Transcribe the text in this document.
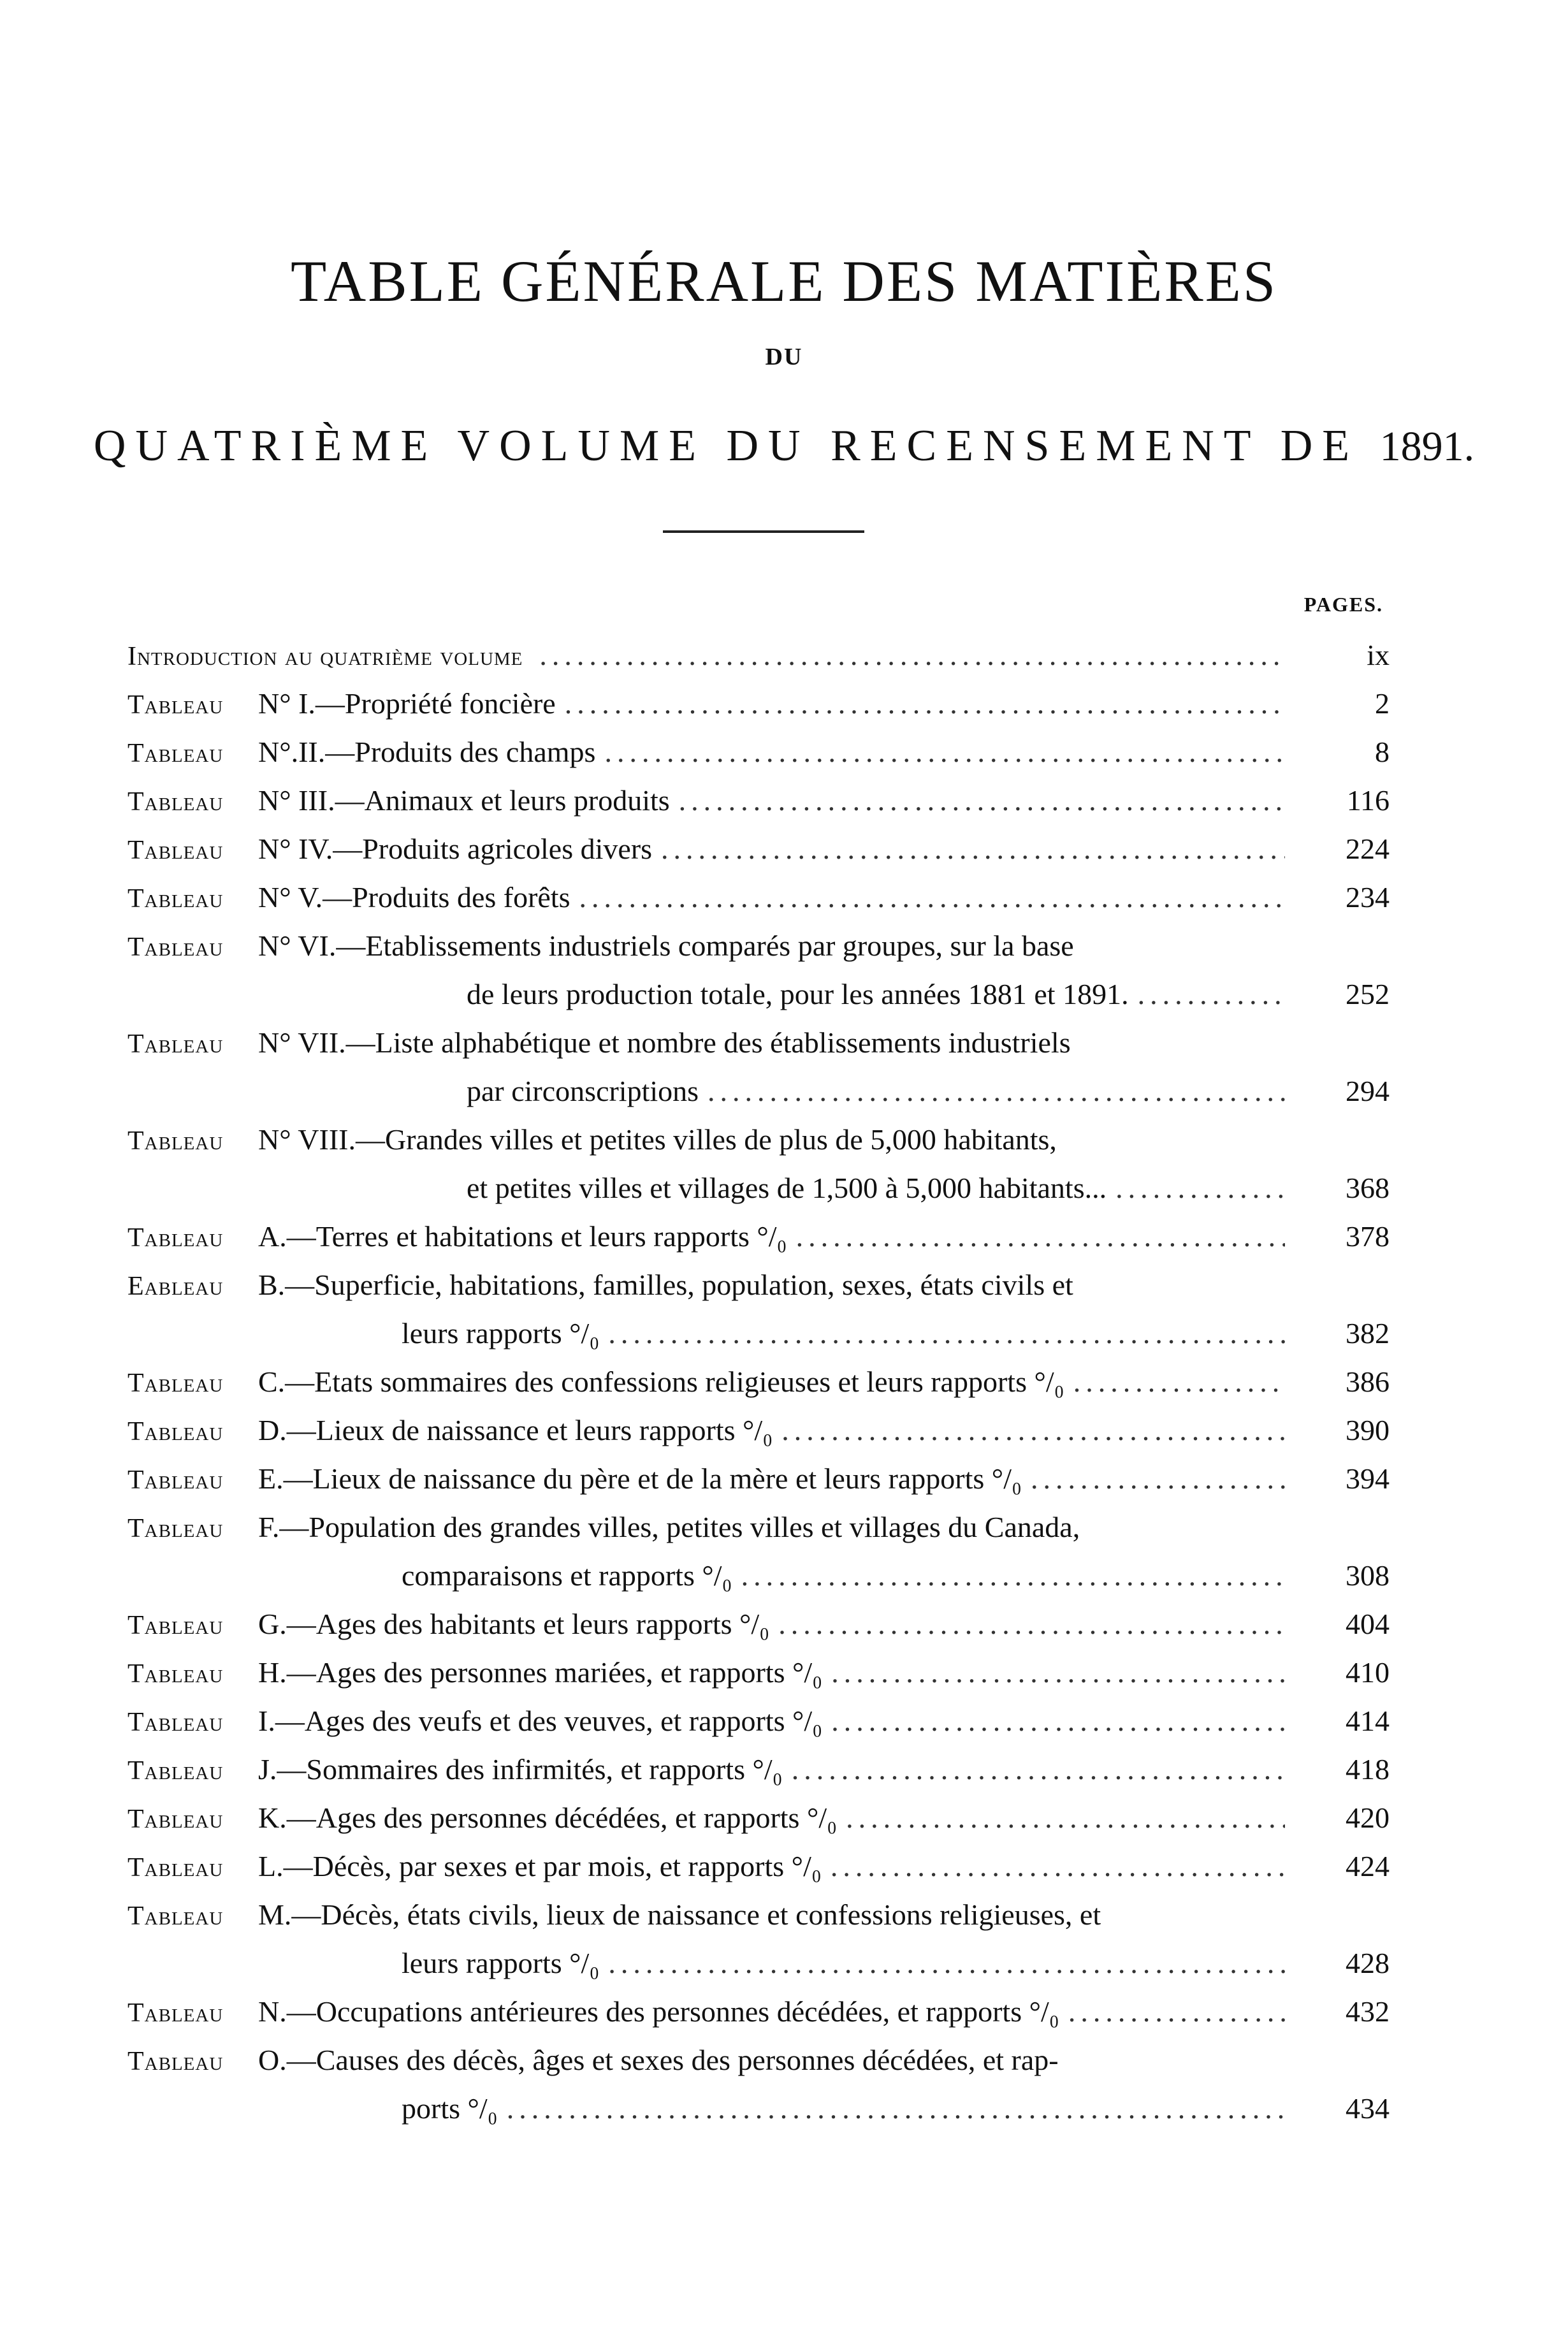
TABLE GÉNÉRALE DES MATIÈRES
DU
QUATRIÈME VOLUME DU RECENSEMENT DE 1891.
PAGES.
Introduction au quatrième volume .....	ix
Tableau	N° I.—Propriété foncière .....	2
Tableau	N°.II.—Produits des champs .....	8
Tableau	N° III.—Animaux et leurs produits .....	116
Tableau	N° IV.—Produits agricoles divers .....	224
Tableau	N° V.—Produits des forêts .....	234
Tableau N° VI.—Etablissements industriels comparés par groupes, sur la base
de leurs production totale, pour les années 1881 et 1891. .....	252
Tableau N° VII.—Liste alphabétique et nombre des établissements industriels
par circonscriptions .....	294
Tableau N° VIII.—Grandes villes et petites villes de plus de 5,000 habitants,
et petites villes et villages de 1,500 à 5,000 habitants... .....	368
Tableau	A.—Terres et habitations et leurs rapports °/₀ .....	378
Eableau B.—Superficie, habitations, familles, population, sexes, états civils et
leurs rapports °/₀ .....	382
Tableau	C.—Etats sommaires des confessions religieuses et leurs rapports °/₀ .....	386
Tableau	D.—Lieux de naissance et leurs rapports °/₀ .....	390
Tableau	E.—Lieux de naissance du père et de la mère et leurs rapports °/₀ .....	394
Tableau F.—Population des grandes villes, petites villes et villages du Canada,
comparaisons et rapports °/₀ .....	308
Tableau	G.—Ages des habitants et leurs rapports °/₀ .....	404
Tableau	H.—Ages des personnes mariées, et rapports °/₀ .....	410
Tableau	I.—Ages des veufs et des veuves, et rapports °/₀ .....	414
Tableau	J.—Sommaires des infirmités, et rapports °/₀ .....	418
Tableau	K.—Ages des personnes décédées, et rapports °/₀ .....	420
Tableau	L.—Décès, par sexes et par mois, et rapports °/₀ .....	424
Tableau M.—Décès, états civils, lieux de naissance et confessions religieuses, et
leurs rapports °/₀ .....	428
Tableau	N.—Occupations antérieures des personnes décédées, et rapports °/₀ .....	432
Tableau O.—Causes des décès, âges et sexes des personnes décédées, et rap-
ports °/₀ .....	434
